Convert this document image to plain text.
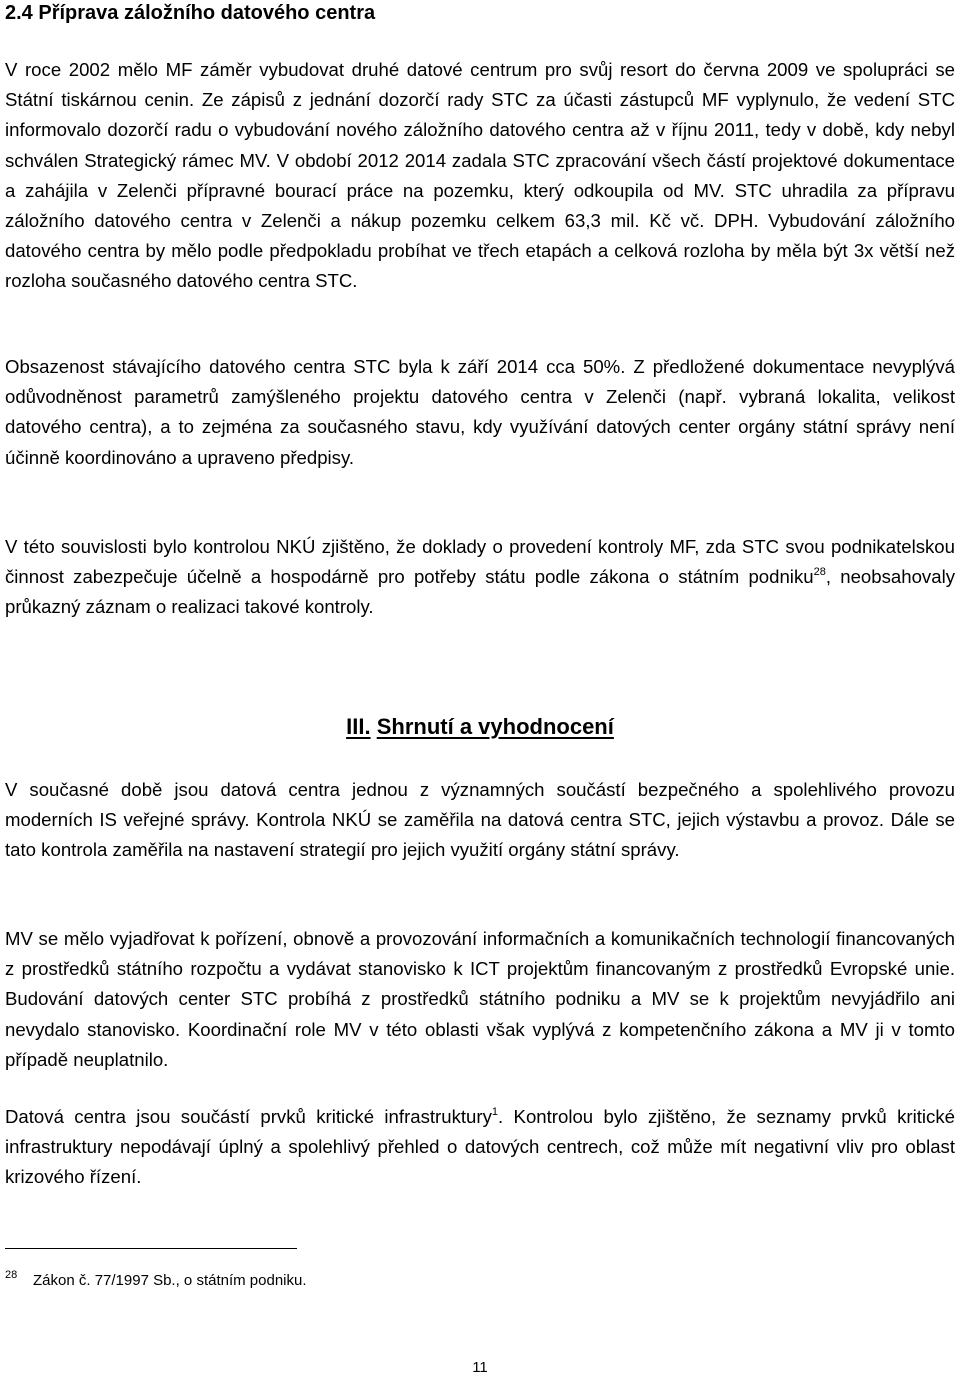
2.4 Příprava záložního datového centra

V roce 2002 mělo MF záměr vybudovat druhé datové centrum pro svůj resort do června 2009 ve spolupráci se Státní tiskárnou cenin. Ze zápisů z jednání dozorčí rady STC za účasti zástupců MF vyplynulo, že vedení STC informovalo dozorčí radu o vybudování nového záložního datového centra až v říjnu 2011, tedy v době, kdy nebyl schválen Strategický rámec MV. V období 2012 2014 zadala STC zpracování všech částí projektové dokumentace a zahájila v Zelenči přípravné bourací práce na pozemku, který odkoupila od MV. STC uhradila za přípravu záložního datového centra v Zelenči a nákup pozemku celkem 63,3 mil. Kč vč. DPH. Vybudování záložního datového centra by mělo podle předpokladu probíhat ve třech etapách a celková rozloha by měla být 3x větší než rozloha současného datového centra STC.

Obsazenost stávajícího datového centra STC byla k září 2014 cca 50%. Z předložené dokumentace nevyplývá odůvodněnost parametrů zamýšleného projektu datového centra v Zelenči (např. vybraná lokalita, velikost datového centra), a to zejména za současného stavu, kdy využívání datových center orgány státní správy není účinně koordinováno a upraveno předpisy.

V této souvislosti bylo kontrolou NKÚ zjištěno, že doklady o provedení kontroly MF, zda STC svou podnikatelskou činnost zabezpečuje účelně a hospodárně pro potřeby státu podle zákona o státním podniku$^{28}$, neobsahovaly průkazný záznam o realizaci takové kontroly.

III. Shrnutí a vyhodnocení

V současné době jsou datová centra jednou z významných součástí bezpečného a spolehlivého provozu moderních IS veřejné správy. Kontrola NKÚ se zaměřila na datová centra STC, jejich výstavbu a provoz. Dále se tato kontrola zaměřila na nastavení strategií pro jejich využití orgány státní správy.

MV se mělo vyjadřovat k pořízení, obnově a provozování informačních a komunikačních technologií financovaných z prostředků státního rozpočtu a vydávat stanovisko k ICT projektům financovaným z prostředků Evropské unie. Budování datových center STC probíhá z prostředků státního podniku a MV se k projektům nevyjádřilo ani nevydalo stanovisko. Koordinační role MV v této oblasti však vyplývá z kompetenčního zákona a MV ji v tomto případě neuplatnilo.

Datová centra jsou součástí prvků kritické infrastruktury$^1$. Kontrolou bylo zjištěno, že seznamy prvků kritické infrastruktury nepodávají úplný a spolehlivý přehled o datových centrech, což může mít negativní vliv pro oblast krizového řízení.

28 Zákon č. 77/1997 Sb., o státním podniku.
11
